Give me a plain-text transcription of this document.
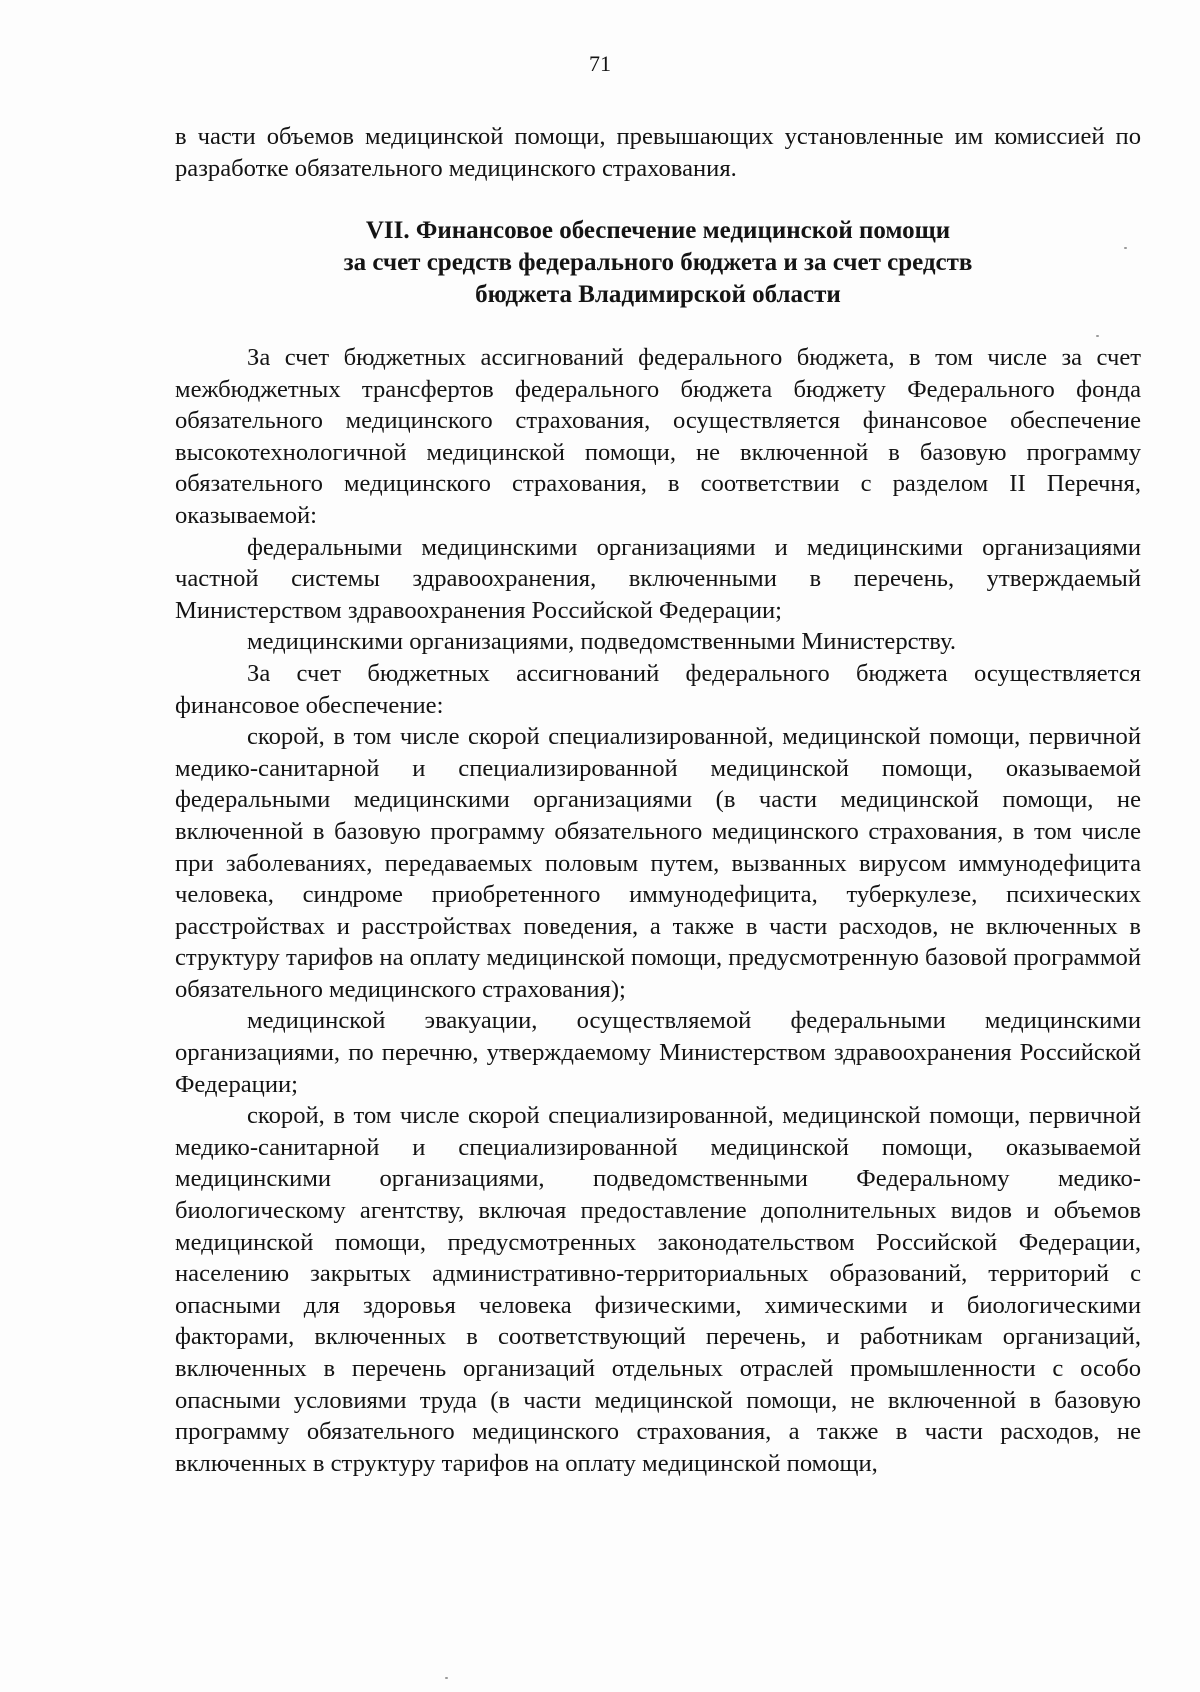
71

в части объемов медицинской помощи, превышающих установленные им комиссией по разработке обязательного медицинского страхования.

VII. Финансовое обеспечение медицинской помощи
за счет средств федерального бюджета и за счет средств
бюджета Владимирской области

За счет бюджетных ассигнований федерального бюджета, в том числе за счет межбюджетных трансфертов федерального бюджета бюджету Федерального фонда обязательного медицинского страхования, осуществляется финансовое обеспечение высокотехнологичной медицинской помощи, не включенной в базовую программу обязательного медицинского страхования, в соответствии с разделом II Перечня, оказываемой:

федеральными медицинскими организациями и медицинскими организациями частной системы здравоохранения, включенными в перечень, утверждаемый Министерством здравоохранения Российской Федерации;

медицинскими организациями, подведомственными Министерству.

За счет бюджетных ассигнований федерального бюджета осуществляется финансовое обеспечение:

скорой, в том числе скорой специализированной, медицинской помощи, первичной медико-санитарной и специализированной медицинской помощи, оказываемой федеральными медицинскими организациями (в части медицинской помощи, не включенной в базовую программу обязательного медицинского страхования, в том числе при заболеваниях, передаваемых половым путем, вызванных вирусом иммунодефицита человека, синдроме приобретенного иммунодефицита, туберкулезе, психических расстройствах и расстройствах поведения, а также в части расходов, не включенных в структуру тарифов на оплату медицинской помощи, предусмотренную базовой программой обязательного медицинского страхования);

медицинской эвакуации, осуществляемой федеральными медицинскими организациями, по перечню, утверждаемому Министерством здравоохранения Российской Федерации;

скорой, в том числе скорой специализированной, медицинской помощи, первичной медико-санитарной и специализированной медицинской помощи, оказываемой медицинскими организациями, подведомственными Федеральному медико-биологическому агентству, включая предоставление дополнительных видов и объемов медицинской помощи, предусмотренных законодательством Российской Федерации, населению закрытых административно-территориальных образований, территорий с опасными для здоровья человека физическими, химическими и биологическими факторами, включенных в соответствующий перечень, и работникам организаций, включенных в перечень организаций отдельных отраслей промышленности с особо опасными условиями труда (в части медицинской помощи, не включенной в базовую программу обязательного медицинского страхования, а также в части расходов, не включенных в структуру тарифов на оплату медицинской помощи,
